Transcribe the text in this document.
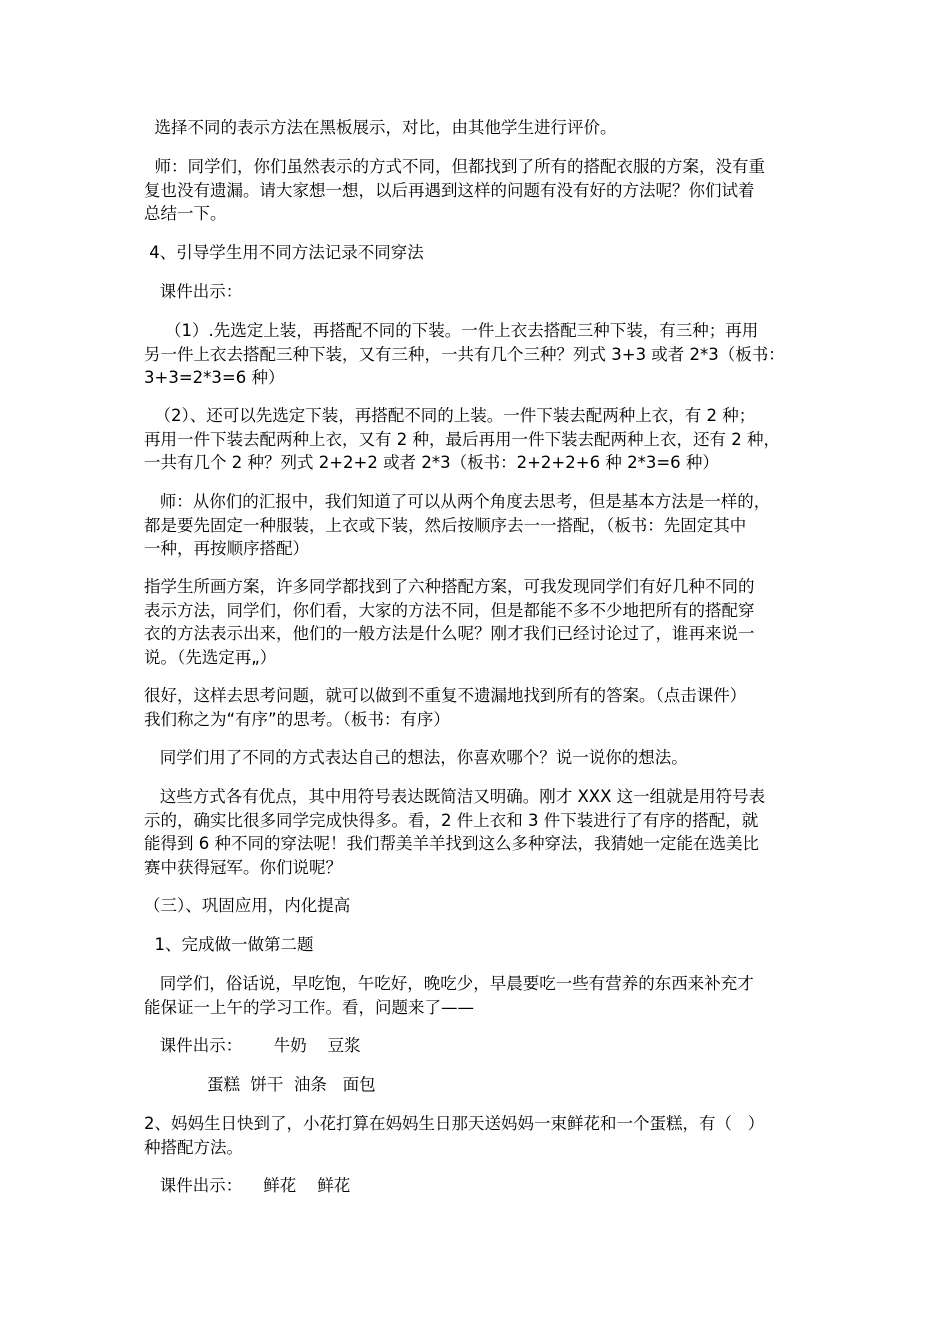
选择不同的表示方法在黑板展示，对比，由其他学生进行评价。

师：同学们，你们虽然表示的方式不同，但都找到了所有的搭配衣服的方案，没有重
复也没有遗漏。请大家想一想，以后再遇到这样的问题有没有好的方法呢？你们试着
总结一下。

4、引导学生用不同方法记录不同穿法

课件出示：

（1）.先选定上装，再搭配不同的下装。一件上衣去搭配三种下装，有三种；再用
另一件上衣去搭配三种下装，又有三种，一共有几个三种？列式 3+3 或者 2*3（板书：
3+3=2*3=6 种）

（2）、还可以先选定下装，再搭配不同的上装。一件下装去配两种上衣，有 2 种；
再用一件下装去配两种上衣，又有 2 种，最后再用一件下装去配两种上衣，还有 2 种，
一共有几个 2 种？列式 2+2+2 或者 2*3（板书：2+2+2+6 种 2*3=6 种）

师：从你们的汇报中，我们知道了可以从两个角度去思考，但是基本方法是一样的，
都是要先固定一种服装，上衣或下装，然后按顺序去一一搭配，（板书：先固定其中
一种，再按顺序搭配）

指学生所画方案，许多同学都找到了六种搭配方案，可我发现同学们有好几种不同的
表示方法，同学们，你们看，大家的方法不同，但是都能不多不少地把所有的搭配穿
衣的方法表示出来，他们的一般方法是什么呢？刚才我们已经讨论过了，谁再来说一
说。（先选定再„）

很好，这样去思考问题，就可以做到不重复不遗漏地找到所有的答案。（点击课件）
我们称之为“有序”的思考。（板书：有序）

同学们用了不同的方式表达自己的想法，你喜欢哪个？说一说你的想法。

这些方式各有优点，其中用符号表达既简洁又明确。刚才 XXX 这一组就是用符号表
示的，确实比很多同学完成快得多。看，2 件上衣和 3 件下装进行了有序的搭配，就
能得到 6 种不同的穿法呢！我们帮美羊羊找到这么多种穿法，我猜她一定能在选美比
赛中获得冠军。你们说呢？

（三）、巩固应用，内化提高

1、完成做一做第二题

同学们，俗话说，早吃饱，午吃好，晚吃少，早晨要吃一些有营养的东西来补充才
能保证一上午的学习工作。看，问题来了——

课件出示：      牛奶    豆浆

蛋糕  饼干  油条   面包

2、妈妈生日快到了，小花打算在妈妈生日那天送妈妈一束鲜花和一个蛋糕，有（   ）
种搭配方法。

课件出示：    鲜花    鲜花
